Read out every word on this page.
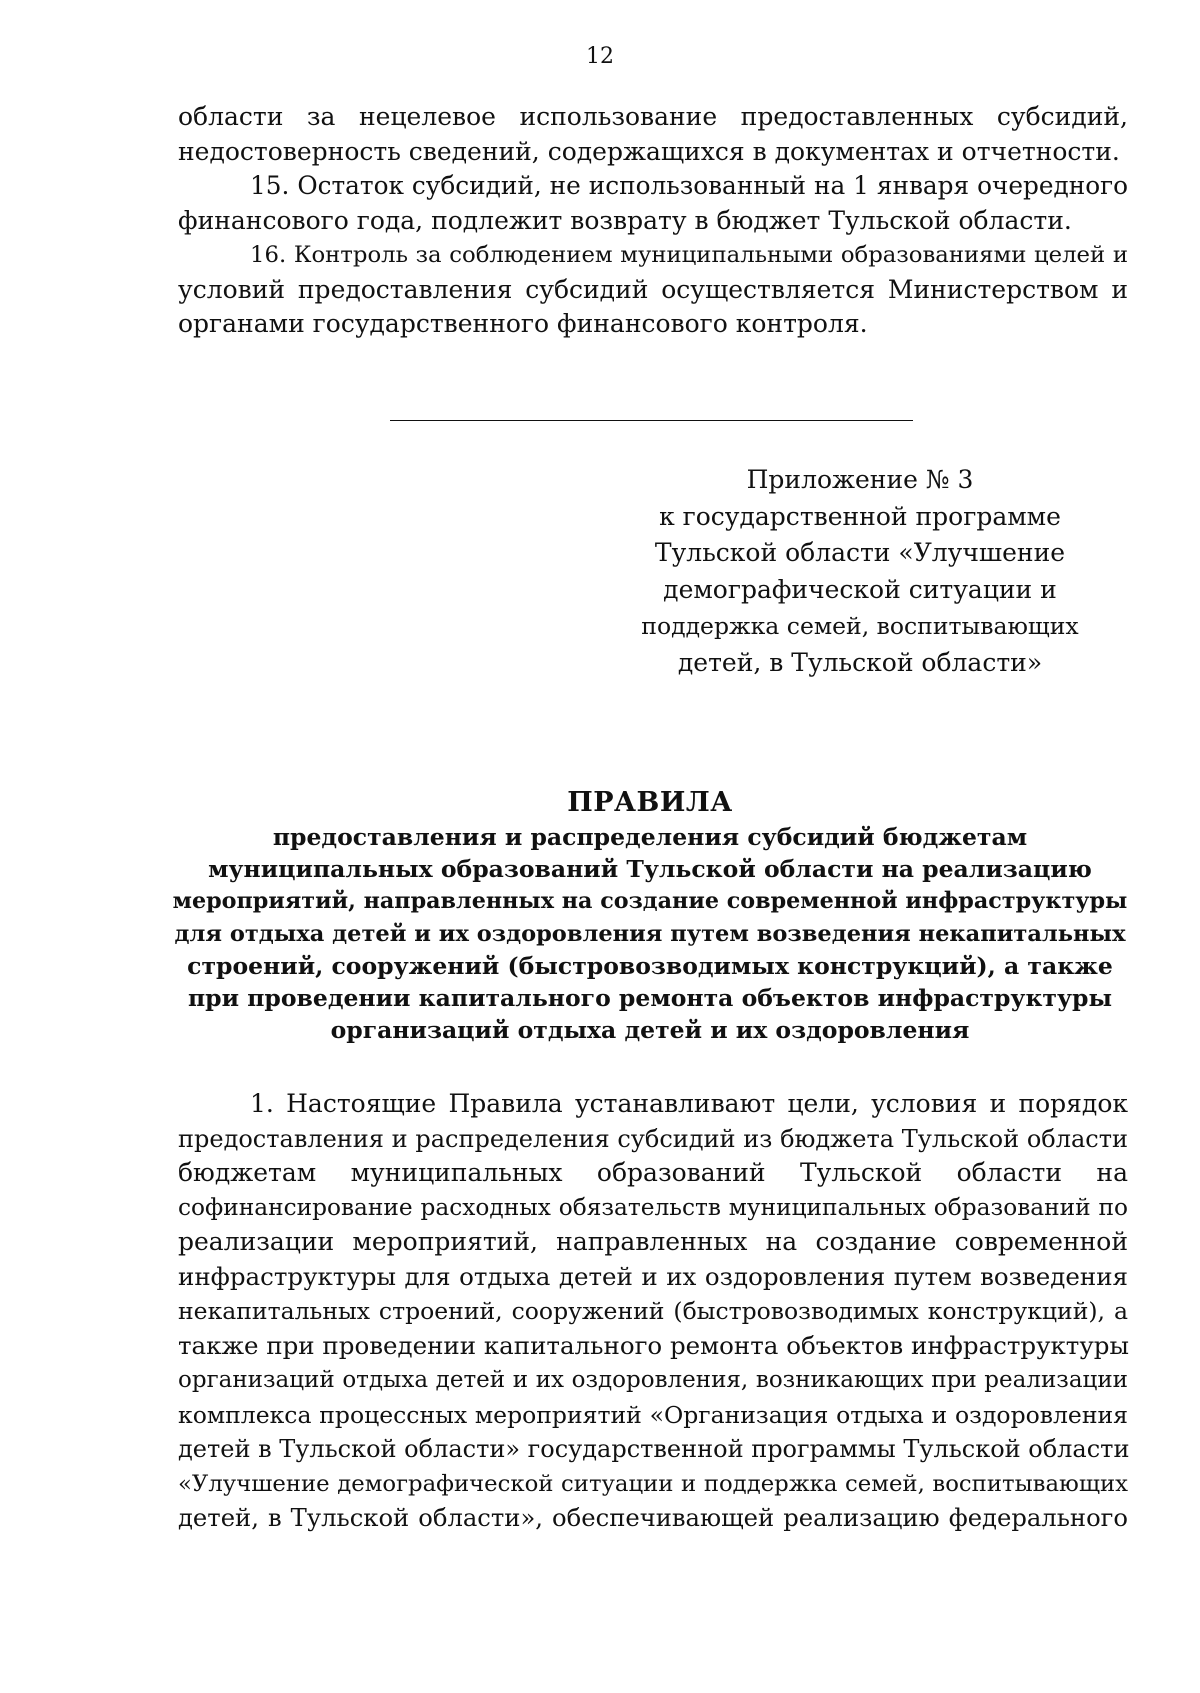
12
области за нецелевое использование предоставленных субсидий,
недостоверность сведений, содержащихся в документах и отчетности.
15. Остаток субсидий, не использованный на 1 января очередного
финансового года, подлежит возврату в бюджет Тульской области.
16. Контроль за соблюдением муниципальными образованиями целей и
условий предоставления субсидий осуществляется Министерством и
органами государственного финансового контроля.
Приложение № 3
к государственной программе
Тульской области «Улучшение
демографической ситуации и
поддержка семей, воспитывающих
детей, в Тульской области»
ПРАВИЛА
предоставления и распределения субсидий бюджетам
муниципальных образований Тульской области на реализацию
мероприятий, направленных на создание современной инфраструктуры
для отдыха детей и их оздоровления путем возведения некапитальных
строений, сооружений (быстровозводимых конструкций), а также
при проведении капитального ремонта объектов инфраструктуры
организаций отдыха детей и их оздоровления
1. Настоящие Правила устанавливают цели, условия и порядок
предоставления и распределения субсидий из бюджета Тульской области
бюджетам муниципальных образований Тульской области на
софинансирование расходных обязательств муниципальных образований по
реализации мероприятий, направленных на создание современной
инфраструктуры для отдыха детей и их оздоровления путем возведения
некапитальных строений, сооружений (быстровозводимых конструкций), а
также при проведении капитального ремонта объектов инфраструктуры
организаций отдыха детей и их оздоровления, возникающих при реализации
комплекса процессных мероприятий «Организация отдыха и оздоровления
детей в Тульской области» государственной программы Тульской области
«Улучшение демографической ситуации и поддержка семей, воспитывающих
детей, в Тульской области», обеспечивающей реализацию федерального
